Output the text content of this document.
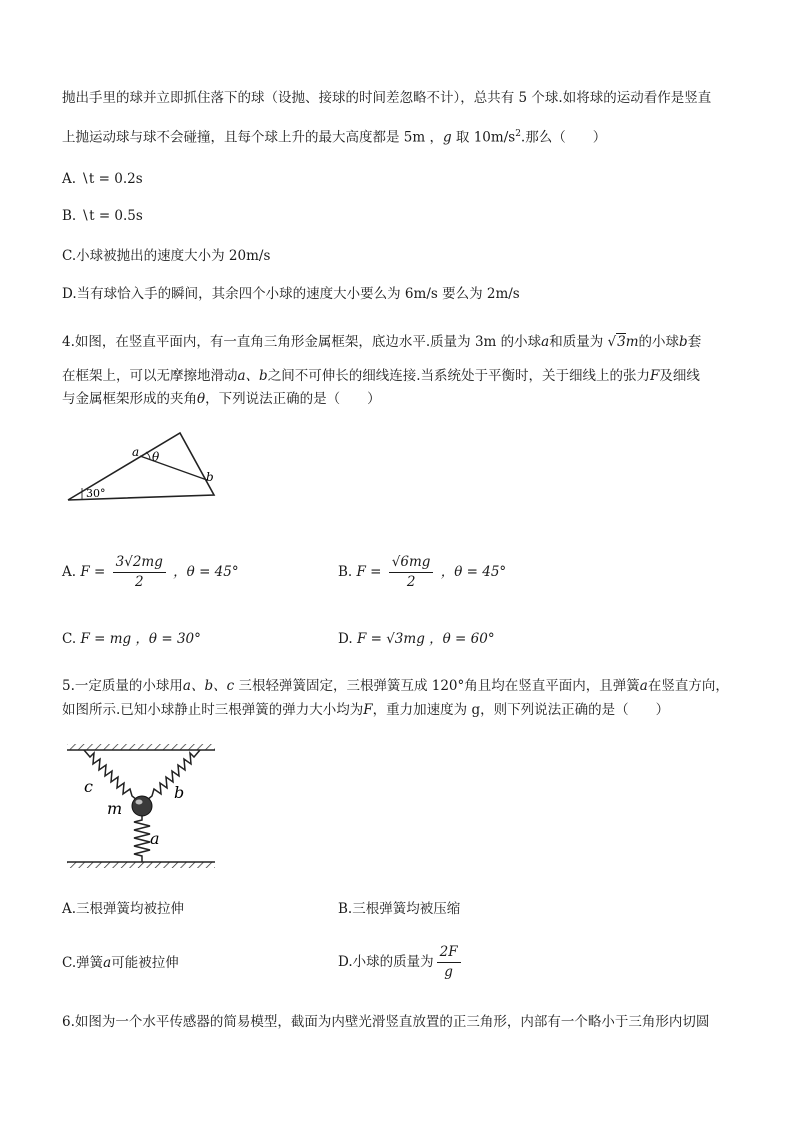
抛出手里的球并立即抓住落下的球（设抛、接球的时间差忽略不计），总共有 5 个球.如将球的运动看作是竖直
上抛运动球与球不会碰撞，且每个球上升的最大高度都是 5m ，g 取 $10m/s^2$.那么（　　）
A. ∖t = 0.2s
B. ∖t = 0.5s
C.小球被抛出的速度大小为 20m/s
D.当有球恰入手的瞬间，其余四个小球的速度大小要么为 6m/s 要么为 2m/s
4.如图，在竖直平面内，有一直角三角形金属框架，底边水平.质量为 3m 的小球a和质量为 √3m的小球b套
在框架上，可以无摩擦地滑动a、b之间不可伸长的细线连接.当系统处于平衡时，关于细线上的张力F及细线
与金属框架形成的夹角θ，下列说法正确的是（　　）
a θ
b
30°
A. $F = \frac{3√2mg}{2}$ ，θ = 45°	B. $F = \frac{√6mg}{2}$ ，θ = 45°
C. F = mg ，θ = 30°	D. F = √3mg ，θ = 60°
5.一定质量的小球用a、b、c 三根轻弹簧固定，三根弹簧互成 120°角且均在竖直平面内，且弹簧a在竖直方向，
如图所示.已知小球静止时三根弹簧的弹力大小均为F，重力加速度为 g，则下列说法正确的是（　　）
c
m
b
a
A.三根弹簧均被拉伸	B.三根弹簧均被压缩
C.弹簧a可能被拉伸	D.小球的质量为 $\frac{2F}{g}$
6.如图为一个水平传感器的简易模型，截面为内壁光滑竖直放置的正三角形，内部有一个略小于三角形内切圆
